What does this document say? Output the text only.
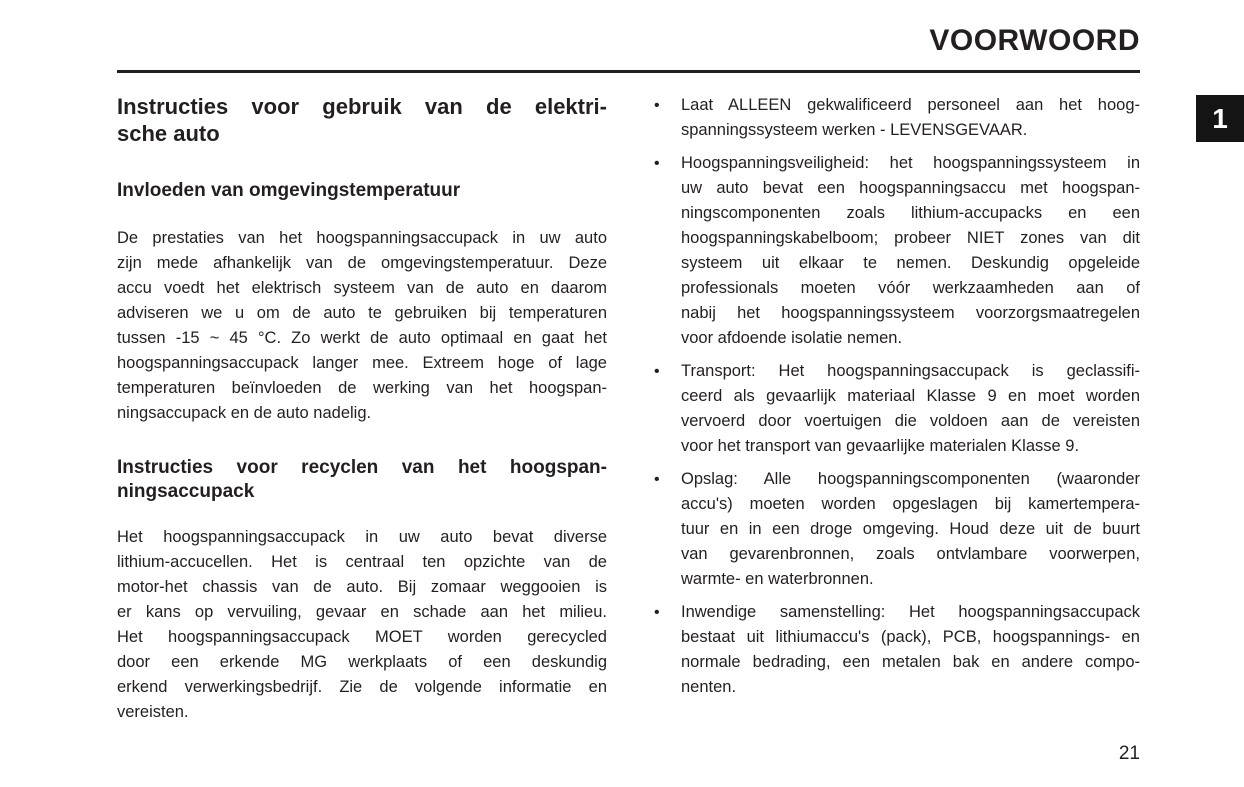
VOORWOORD
1
Instructies voor gebruik van de elektri-
sche auto
Invloeden van omgevingstemperatuur
De prestaties van het hoogspanningsaccupack in uw auto
zijn mede afhankelijk van de omgevingstemperatuur. Deze
accu voedt het elektrisch systeem van de auto en daarom
adviseren we u om de auto te gebruiken bij temperaturen
tussen -15 ~ 45 °C. Zo werkt de auto optimaal en gaat het
hoogspanningsaccupack langer mee. Extreem hoge of lage
temperaturen beïnvloeden de werking van het hoogspan-
ningsaccupack en de auto nadelig.
Instructies voor recyclen van het hoogspan-
ningsaccupack
Het hoogspanningsaccupack in uw auto bevat diverse
lithium-accucellen. Het is centraal ten opzichte van de
motor-het chassis van de auto. Bij zomaar weggooien is
er kans op vervuiling, gevaar en schade aan het milieu.
Het hoogspanningsaccupack MOET worden gerecycled
door een erkende MG werkplaats of een deskundig
erkend verwerkingsbedrijf. Zie de volgende informatie en
vereisten.
• Laat ALLEEN gekwalificeerd personeel aan het hoog-
spanningssysteem werken - LEVENSGEVAAR.
• Hoogspanningsveiligheid: het hoogspanningssysteem in
uw auto bevat een hoogspanningsaccu met hoogspan-
ningscomponenten zoals lithium-accupacks en een
hoogspanningskabelboom; probeer NIET zones van dit
systeem uit elkaar te nemen. Deskundig opgeleide
professionals moeten vóór werkzaamheden aan of
nabij het hoogspanningssysteem voorzorgsmaatregelen
voor afdoende isolatie nemen.
• Transport: Het hoogspanningsaccupack is geclassifi-
ceerd als gevaarlijk materiaal Klasse 9 en moet worden
vervoerd door voertuigen die voldoen aan de vereisten
voor het transport van gevaarlijke materialen Klasse 9.
• Opslag: Alle hoogspanningscomponenten (waaronder
accu's) moeten worden opgeslagen bij kamertempera-
tuur en in een droge omgeving. Houd deze uit de buurt
van gevarenbronnen, zoals ontvlambare voorwerpen,
warmte- en waterbronnen.
• Inwendige samenstelling: Het hoogspanningsaccupack
bestaat uit lithiumaccu's (pack), PCB, hoogspannings- en
normale bedrading, een metalen bak en andere compo-
nenten.
21
